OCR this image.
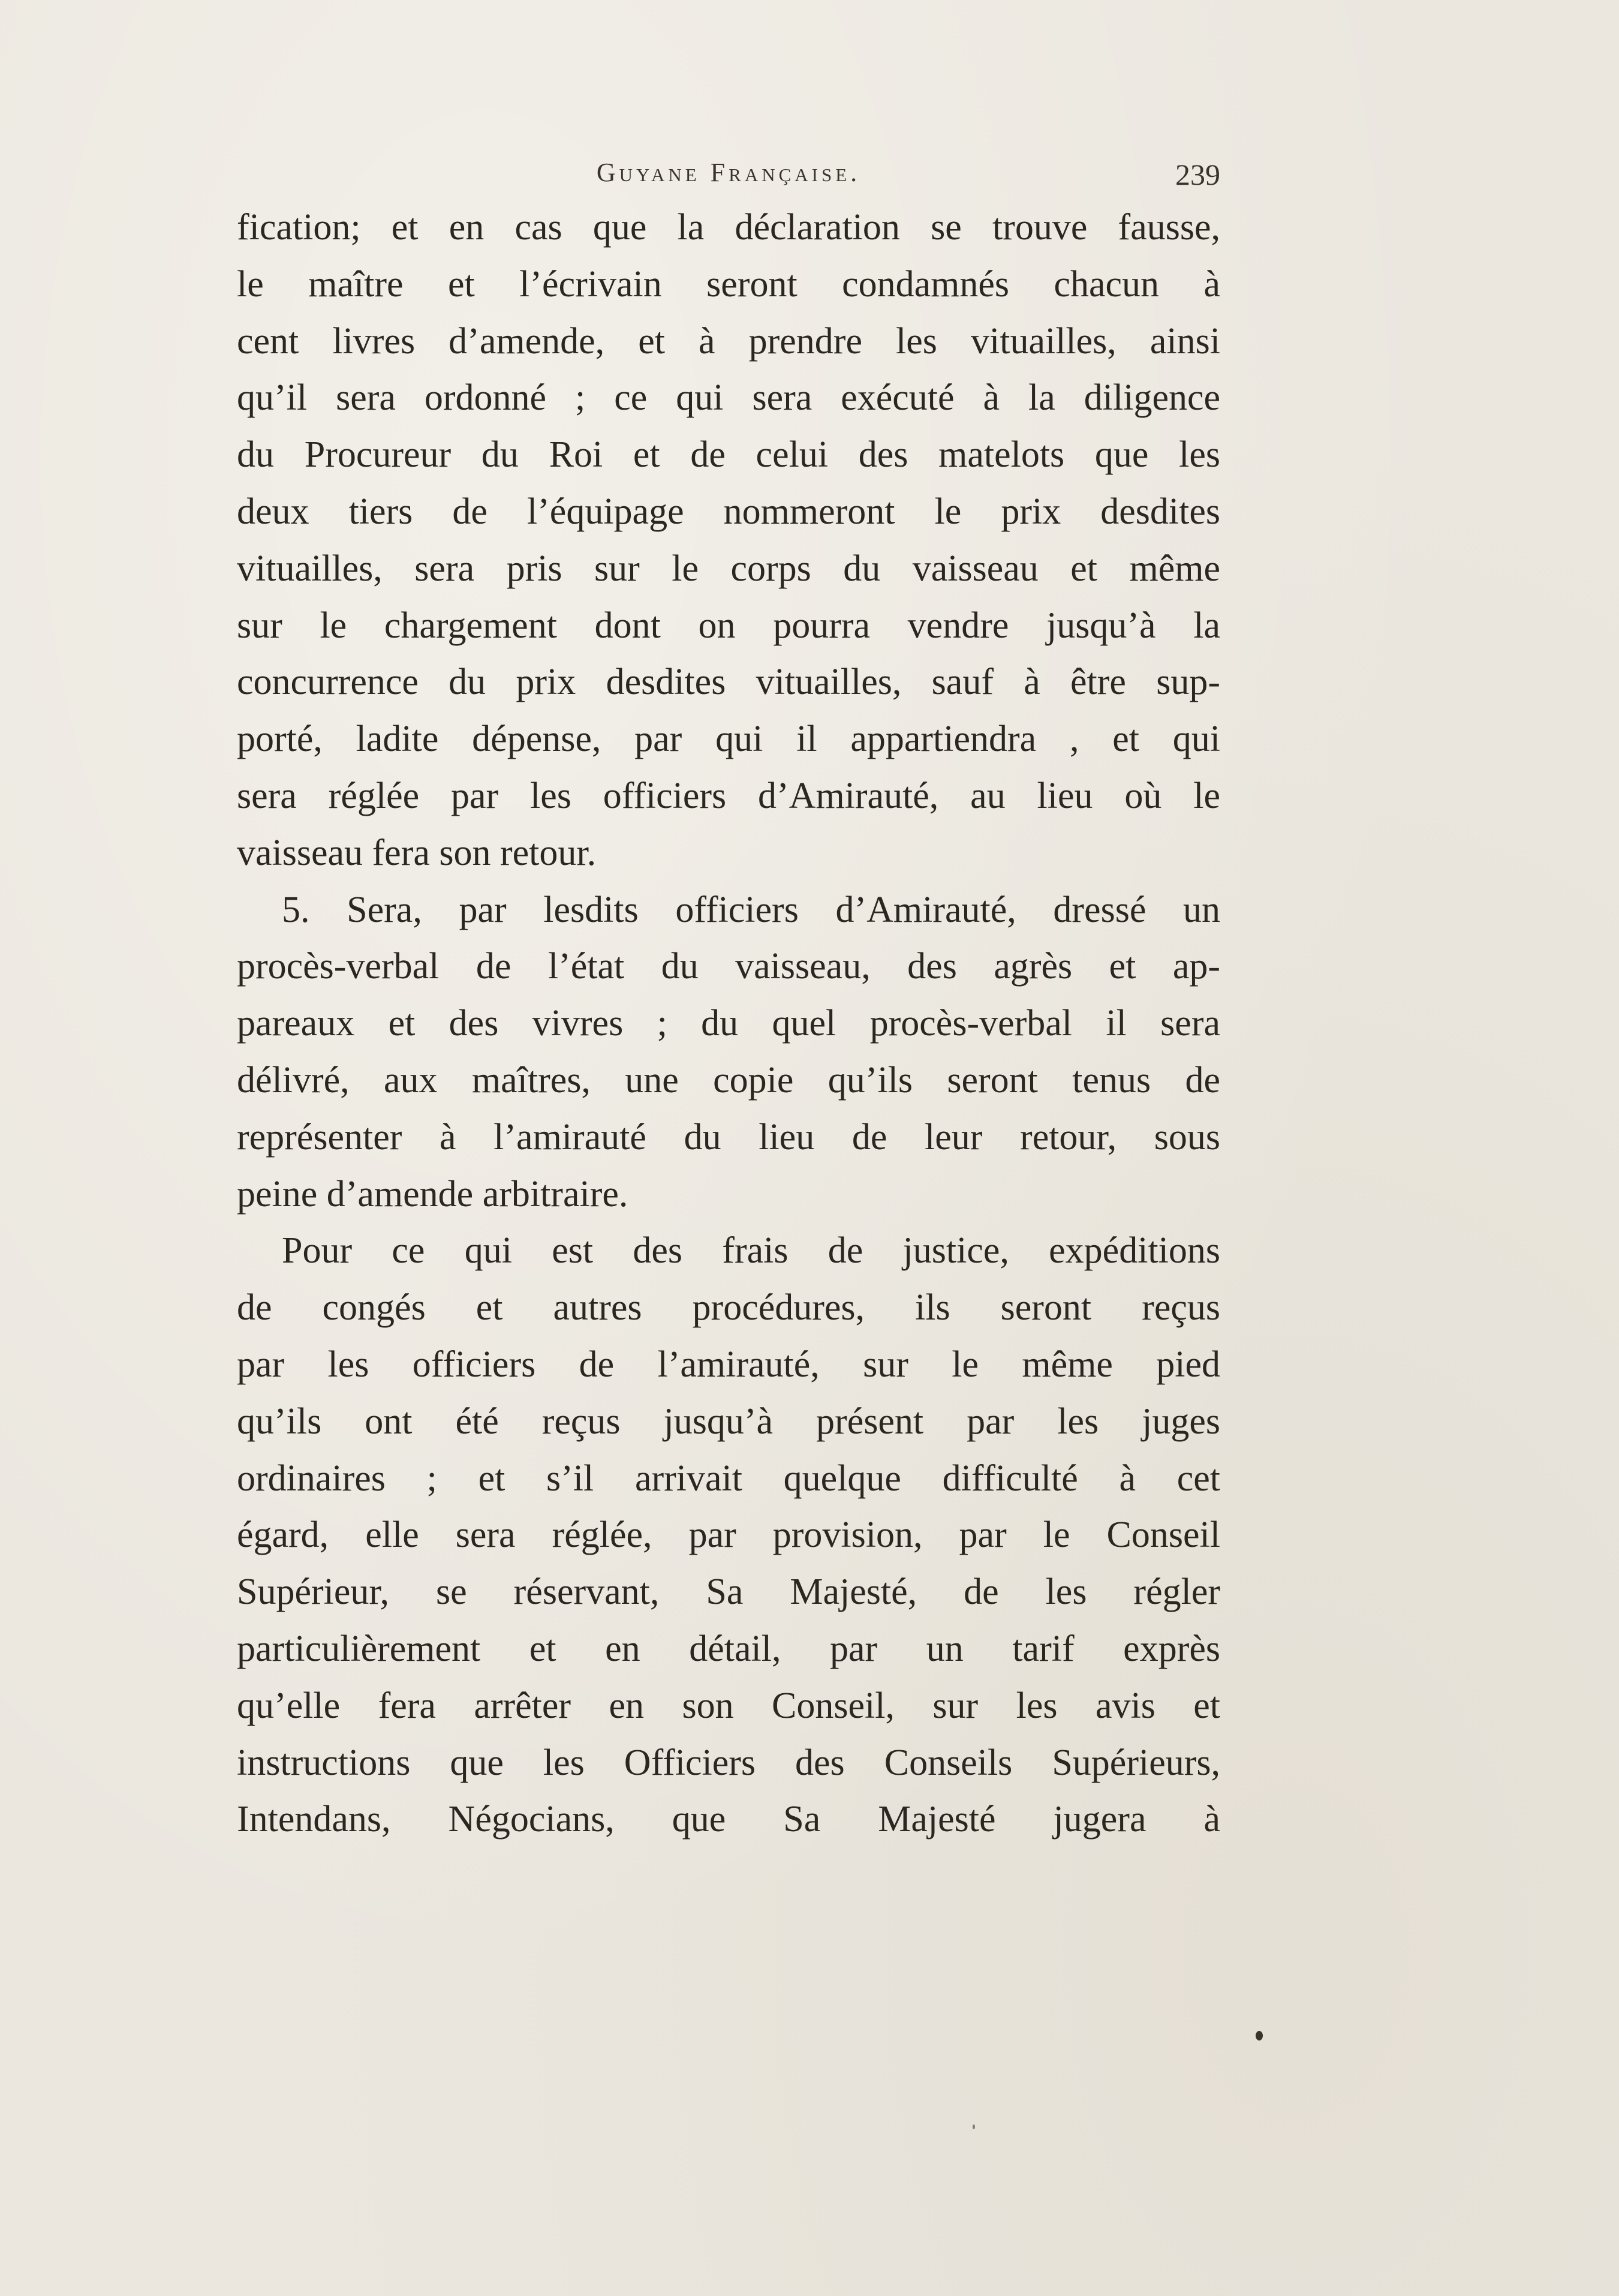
Guyane Française.	239
fication; et en cas que la déclaration se trouve fausse,
le maître et l’écrivain seront condamnés chacun à
cent livres d’amende, et à prendre les vituailles, ainsi
qu’il sera ordonné ; ce qui sera exécuté à la diligence
du Procureur du Roi et de celui des matelots que les
deux tiers de l’équipage nommeront le prix desdites
vituailles, sera pris sur le corps du vaisseau et même
sur le chargement dont on pourra vendre jusqu’à la
concurrence du prix desdites vituailles, sauf à être sup-
porté, ladite dépense, par qui il appartiendra , et qui
sera réglée par les officiers d’Amirauté, au lieu où le
vaisseau fera son retour.
5. Sera, par lesdits officiers d’Amirauté, dressé un
procès-verbal de l’état du vaisseau, des agrès et ap-
pareaux et des vivres ; du quel procès-verbal il sera
délivré, aux maîtres, une copie qu’ils seront tenus de
représenter à l’amirauté du lieu de leur retour, sous
peine d’amende arbitraire.
Pour ce qui est des frais de justice, expéditions
de congés et autres procédures, ils seront reçus
par les officiers de l’amirauté, sur le même pied
qu’ils ont été reçus jusqu’à présent par les juges
ordinaires ; et s’il arrivait quelque difficulté à cet
égard, elle sera réglée, par provision, par le Conseil
Supérieur, se réservant, Sa Majesté, de les régler
particulièrement et en détail, par un tarif exprès
qu’elle fera arrêter en son Conseil, sur les avis et
instructions que les Officiers des Conseils Supérieurs,
Intendans, Négocians, que Sa Majesté jugera à
